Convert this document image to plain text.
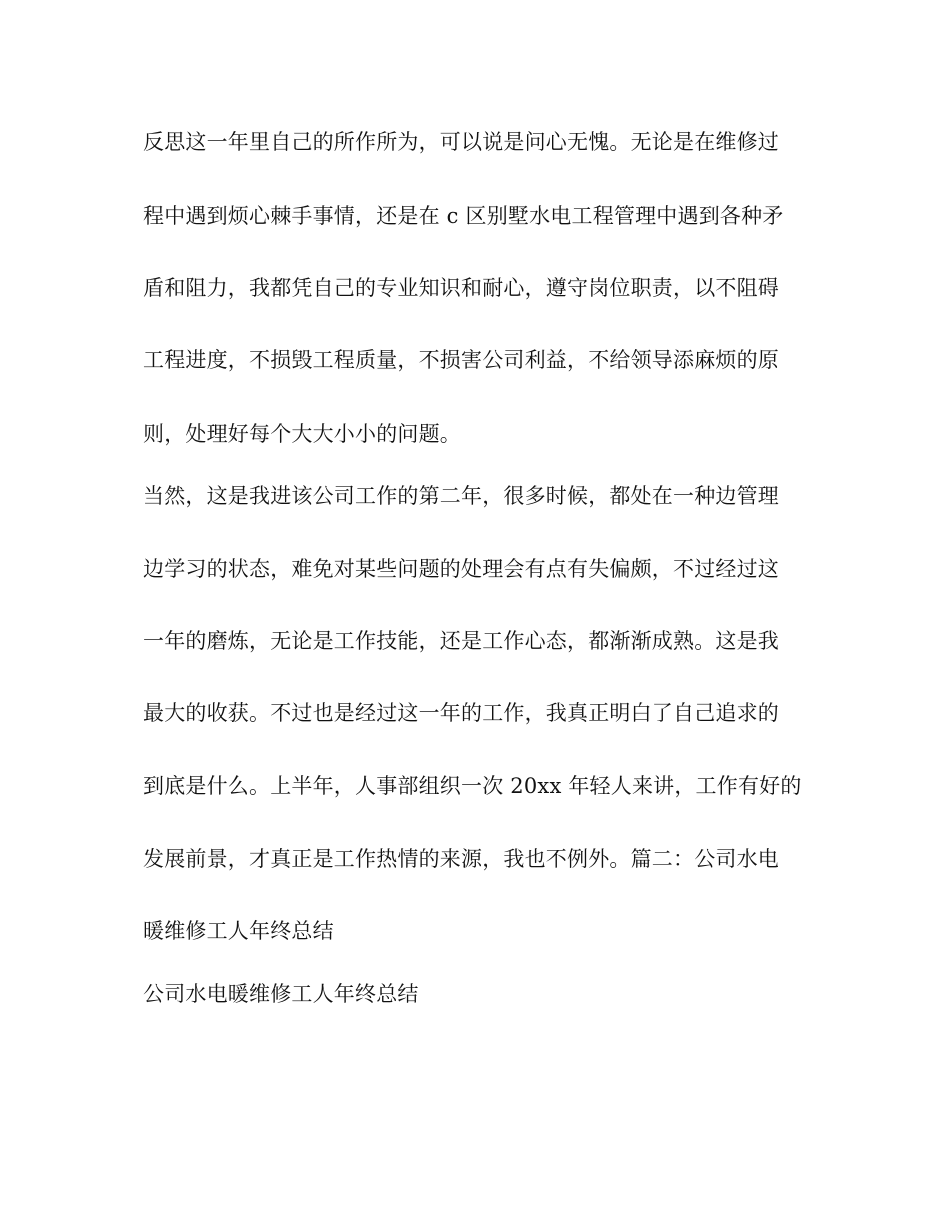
反思这一年里自己的所作所为，可以说是问心无愧。无论是在维修过
程中遇到烦心棘手事情，还是在 c 区别墅水电工程管理中遇到各种矛
盾和阻力，我都凭自己的专业知识和耐心，遵守岗位职责，以不阻碍
工程进度，不损毁工程质量，不损害公司利益，不给领导添麻烦的原
则，处理好每个大大小小的问题。
当然，这是我进该公司工作的第二年，很多时候，都处在一种边管理
边学习的状态，难免对某些问题的处理会有点有失偏颇，不过经过这
一年的磨炼，无论是工作技能，还是工作心态，都渐渐成熟。这是我
最大的收获。不过也是经过这一年的工作，我真正明白了自己追求的
到底是什么。上半年，人事部组织一次 20xx 年轻人来讲，工作有好的
发展前景，才真正是工作热情的来源，我也不例外。篇二：公司水电
暖维修工人年终总结
公司水电暖维修工人年终总结
